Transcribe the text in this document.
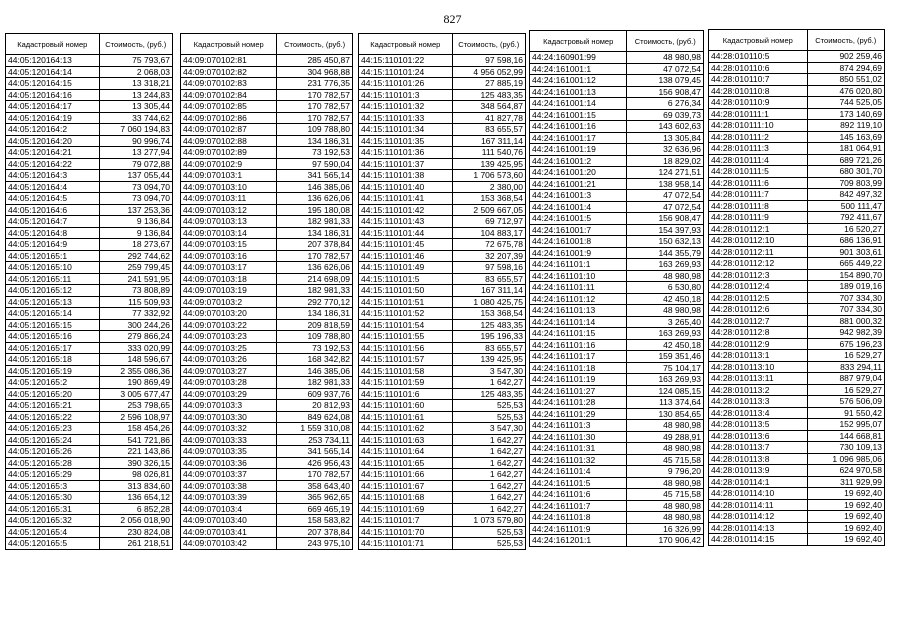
827
Кадастровый номер	Стоимость, (руб.)
44:05:120164:13	75 793,67
44:05:120164:14	2 068,03
44:05:120164:15	13 318,21
44:05:120164:16	13 244,83
44:05:120164:17	13 305,44
44:05:120164:19	33 744,62
44:05:120164:2	7 060 194,83
44:05:120164:20	90 996,74
44:05:120164:21	13 277,94
44:05:120164:22	79 072,88
44:05:120164:3	137 055,44
44:05:120164:4	73 094,70
44:05:120164:5	73 094,70
44:05:120164:6	137 253,36
44:05:120164:7	9 136,84
44:05:120164:8	9 136,84
44:05:120164:9	18 273,67
44:05:120165:1	292 744,62
44:05:120165:10	259 799,45
44:05:120165:11	241 591,95
44:05:120165:12	73 808,89
44:05:120165:13	115 509,93
44:05:120165:14	77 332,92
44:05:120165:15	300 244,26
44:05:120165:16	279 866,24
44:05:120165:17	333 020,99
44:05:120165:18	148 596,67
44:05:120165:19	2 355 086,36
44:05:120165:2	190 869,49
44:05:120165:20	3 005 677,47
44:05:120165:21	253 798,65
44:05:120165:22	2 596 108,97
44:05:120165:23	158 454,26
44:05:120165:24	541 721,86
44:05:120165:26	221 143,86
44:05:120165:28	390 326,15
44:05:120165:29	98 026,81
44:05:120165:3	313 834,60
44:05:120165:30	136 654,12
44:05:120165:31	6 852,28
44:05:120165:32	2 056 018,90
44:05:120165:4	230 824,08
44:05:120165:5	261 218,51
Кадастровый номер	Стоимость, (руб.)
44:09:070102:81	285 450,87
44:09:070102:82	304 968,88
44:09:070102:83	231 776,35
44:09:070102:84	170 782,57
44:09:070102:85	170 782,57
44:09:070102:86	170 782,57
44:09:070102:87	109 788,80
44:09:070102:88	134 186,31
44:09:070102:89	73 192,53
44:09:070102:9	97 590,04
44:09:070103:1	341 565,14
44:09:070103:10	146 385,06
44:09:070103:11	136 626,06
44:09:070103:12	195 180,08
44:09:070103:13	182 981,33
44:09:070103:14	134 186,31
44:09:070103:15	207 378,84
44:09:070103:16	170 782,57
44:09:070103:17	136 626,06
44:09:070103:18	214 698,09
44:09:070103:19	182 981,33
44:09:070103:2	292 770,12
44:09:070103:20	134 186,31
44:09:070103:22	209 818,59
44:09:070103:23	109 788,80
44:09:070103:25	73 192,53
44:09:070103:26	168 342,82
44:09:070103:27	146 385,06
44:09:070103:28	182 981,33
44:09:070103:29	609 937,76
44:09:070103:3	20 812,93
44:09:070103:30	849 624,08
44:09:070103:32	1 559 310,08
44:09:070103:33	253 734,11
44:09:070103:35	341 565,14
44:09:070103:36	426 956,43
44:09:070103:37	170 782,57
44:09:070103:38	358 643,40
44:09:070103:39	365 962,65
44:09:070103:4	669 465,19
44:09:070103:40	158 583,82
44:09:070103:41	207 378,84
44:09:070103:42	243 975,10
Кадастровый номер	Стоимость, (руб.)
44:15:110101:22	97 598,16
44:15:110101:24	4 956 052,99
44:15:110101:26	27 885,19
44:15:110101:3	125 483,35
44:15:110101:32	348 564,87
44:15:110101:33	41 827,78
44:15:110101:34	83 655,57
44:15:110101:35	167 311,14
44:15:110101:36	111 540,76
44:15:110101:37	139 425,95
44:15:110101:38	1 706 573,60
44:15:110101:40	2 380,00
44:15:110101:41	153 368,54
44:15:110101:42	2 509 667,05
44:15:110101:43	69 712,97
44:15:110101:44	104 883,17
44:15:110101:45	72 675,78
44:15:110101:46	32 207,39
44:15:110101:49	97 598,16
44:15:110101:5	83 655,57
44:15:110101:50	167 311,14
44:15:110101:51	1 080 425,75
44:15:110101:52	153 368,54
44:15:110101:54	125 483,35
44:15:110101:55	195 196,33
44:15:110101:56	83 655,57
44:15:110101:57	139 425,95
44:15:110101:58	3 547,30
44:15:110101:59	1 642,27
44:15:110101:6	125 483,35
44:15:110101:60	525,53
44:15:110101:61	525,53
44:15:110101:62	3 547,30
44:15:110101:63	1 642,27
44:15:110101:64	1 642,27
44:15:110101:65	1 642,27
44:15:110101:66	1 642,27
44:15:110101:67	1 642,27
44:15:110101:68	1 642,27
44:15:110101:69	1 642,27
44:15:110101:7	1 073 579,80
44:15:110101:70	525,53
44:15:110101:71	525,53
Кадастровый номер	Стоимость, (руб.)
44:24:160901:99	48 980,98
44:24:161001:1	47 072,54
44:24:161001:12	138 079,45
44:24:161001:13	156 908,47
44:24:161001:14	6 276,34
44:24:161001:15	69 039,73
44:24:161001:16	143 602,63
44:24:161001:17	13 305,84
44:24:161001:19	32 636,96
44:24:161001:2	18 829,02
44:24:161001:20	124 271,51
44:24:161001:21	138 958,14
44:24:161001:3	47 072,54
44:24:161001:4	47 072,54
44:24:161001:5	156 908,47
44:24:161001:7	154 397,93
44:24:161001:8	150 632,13
44:24:161001:9	144 355,79
44:24:161101:1	163 269,93
44:24:161101:10	48 980,98
44:24:161101:11	6 530,80
44:24:161101:12	42 450,18
44:24:161101:13	48 980,98
44:24:161101:14	3 265,40
44:24:161101:15	163 269,93
44:24:161101:16	42 450,18
44:24:161101:17	159 351,46
44:24:161101:18	75 104,17
44:24:161101:19	163 269,93
44:24:161101:27	124 085,15
44:24:161101:28	113 374,64
44:24:161101:29	130 854,65
44:24:161101:3	48 980,98
44:24:161101:30	49 288,91
44:24:161101:31	48 980,98
44:24:161101:32	45 715,58
44:24:161101:4	9 796,20
44:24:161101:5	48 980,98
44:24:161101:6	45 715,58
44:24:161101:7	48 980,98
44:24:161101:8	48 980,98
44:24:161101:9	16 326,99
44:24:161201:1	170 906,42
Кадастровый номер	Стоимость, (руб.)
44:28:010110:5	902 259,46
44:28:010110:6	874 294,69
44:28:010110:7	850 551,02
44:28:010110:8	476 020,80
44:28:010110:9	744 525,05
44:28:010111:1	173 140,69
44:28:010111:10	892 119,10
44:28:010111:2	145 163,69
44:28:010111:3	181 064,91
44:28:010111:4	689 721,26
44:28:010111:5	680 301,70
44:28:010111:6	709 803,99
44:28:010111:7	842 497,32
44:28:010111:8	500 111,47
44:28:010111:9	792 411,67
44:28:010112:1	16 520,27
44:28:010112:10	686 136,91
44:28:010112:11	901 303,61
44:28:010112:12	665 449,22
44:28:010112:3	154 890,70
44:28:010112:4	189 019,16
44:28:010112:5	707 334,30
44:28:010112:6	707 334,30
44:28:010112:7	881 000,32
44:28:010112:8	942 982,39
44:28:010112:9	675 196,23
44:28:010113:1	16 529,27
44:28:010113:10	833 294,11
44:28:010113:11	887 979,04
44:28:010113:2	16 529,27
44:28:010113:3	576 506,09
44:28:010113:4	91 550,42
44:28:010113:5	152 995,07
44:28:010113:6	144 668,81
44:28:010113:7	730 109,13
44:28:010113:8	1 096 985,06
44:28:010113:9	624 970,58
44:28:010114:1	311 929,99
44:28:010114:10	19 692,40
44:28:010114:11	19 692,40
44:28:010114:12	19 692,40
44:28:010114:13	19 692,40
44:28:010114:15	19 692,40
